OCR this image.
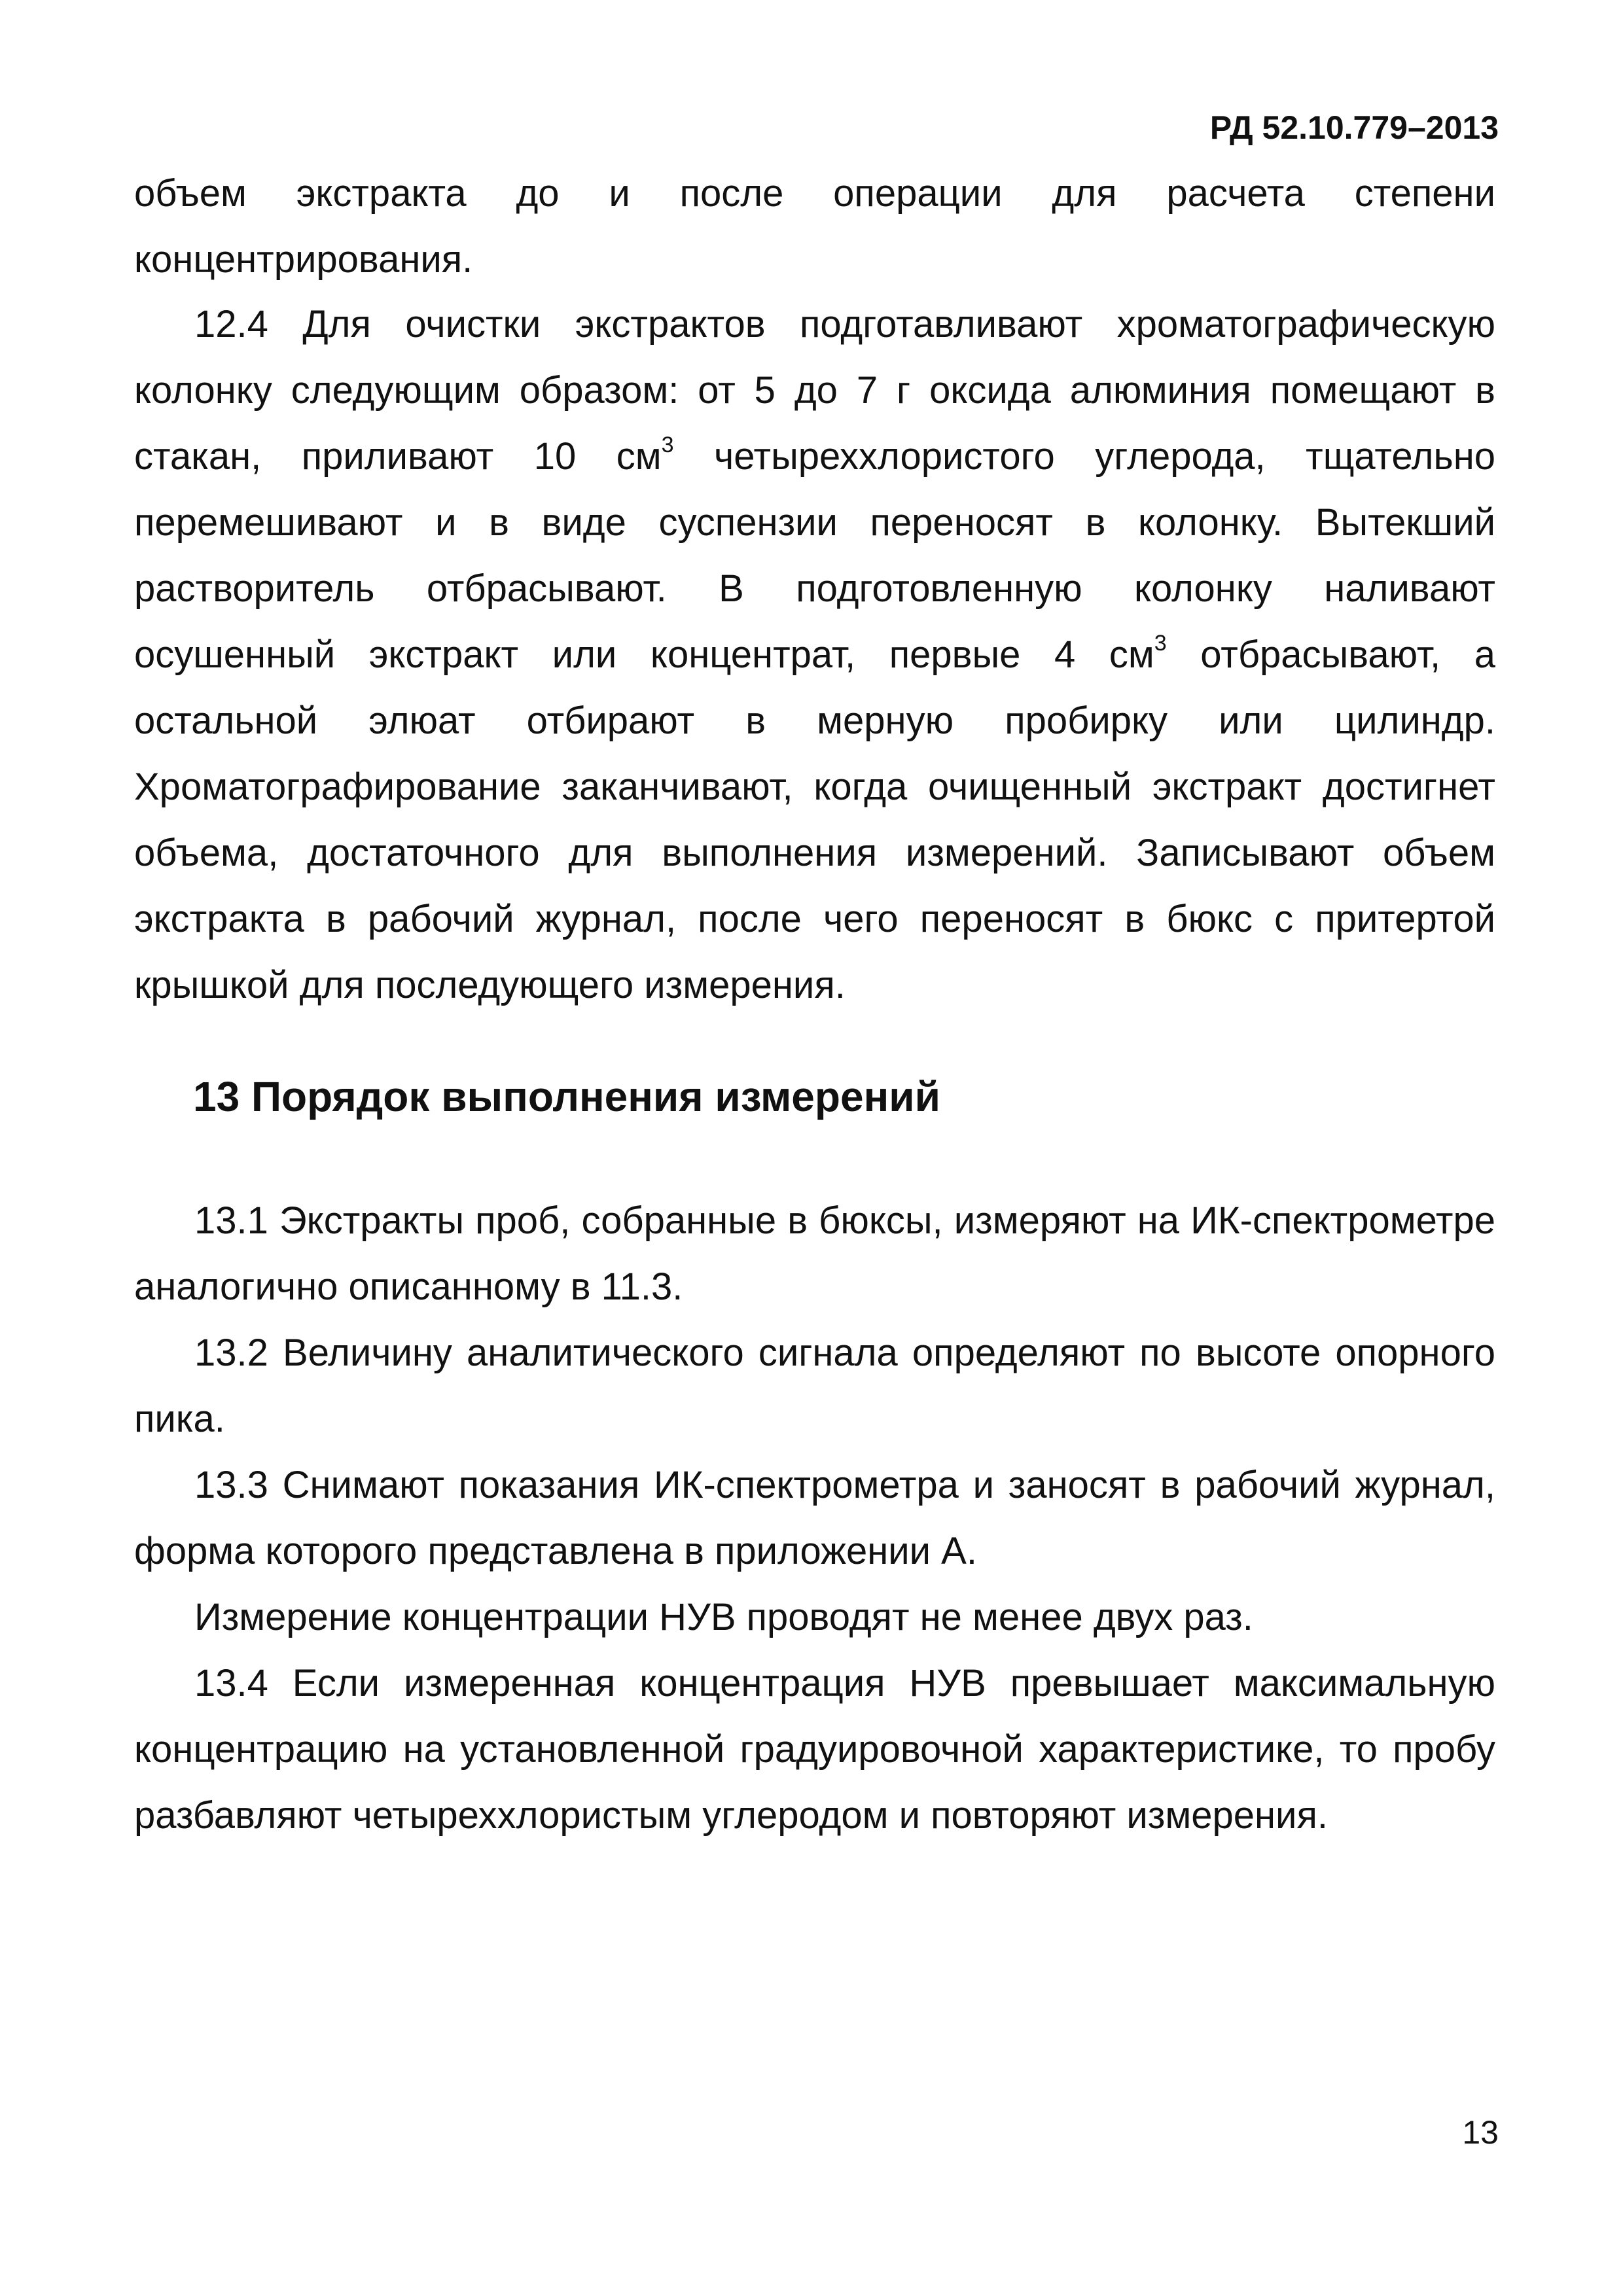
РД 52.10.779–2013

объем экстракта до и после операции для расчета степени концентрирования.

12.4 Для очистки экстрактов подготавливают хроматографическую колонку следующим образом: от 5 до 7 г оксида алюминия помещают в стакан, приливают 10 $см^3$ четыреххлористого углерода, тщательно перемешивают и в виде суспензии переносят в колонку. Вытекший растворитель отбрасывают. В подготовленную колонку наливают осушенный экстракт или концентрат, первые 4 $см^3$ отбрасывают, а остальной элюат отбирают в мерную пробирку или цилиндр. Хроматографирование заканчивают, когда очищенный экстракт достигнет объема, достаточного для выполнения измерений. Записывают объем экстракта в рабочий журнал, после чего переносят в бюкс с притертой крышкой для последующего измерения.

13 Порядок выполнения измерений

13.1 Экстракты проб, собранные в бюксы, измеряют на ИК-спектрометре аналогично описанному в 11.3.

13.2 Величину аналитического сигнала определяют по высоте опорного пика.

13.3 Снимают показания ИК-спектрометра и заносят в рабочий журнал, форма которого представлена в приложении А.

Измерение концентрации НУВ проводят не менее двух раз.

13.4 Если измеренная концентрация НУВ превышает максимальную концентрацию на установленной градуировочной характеристике, то пробу разбавляют четыреххлористым углеродом и повторяют измерения.

13
